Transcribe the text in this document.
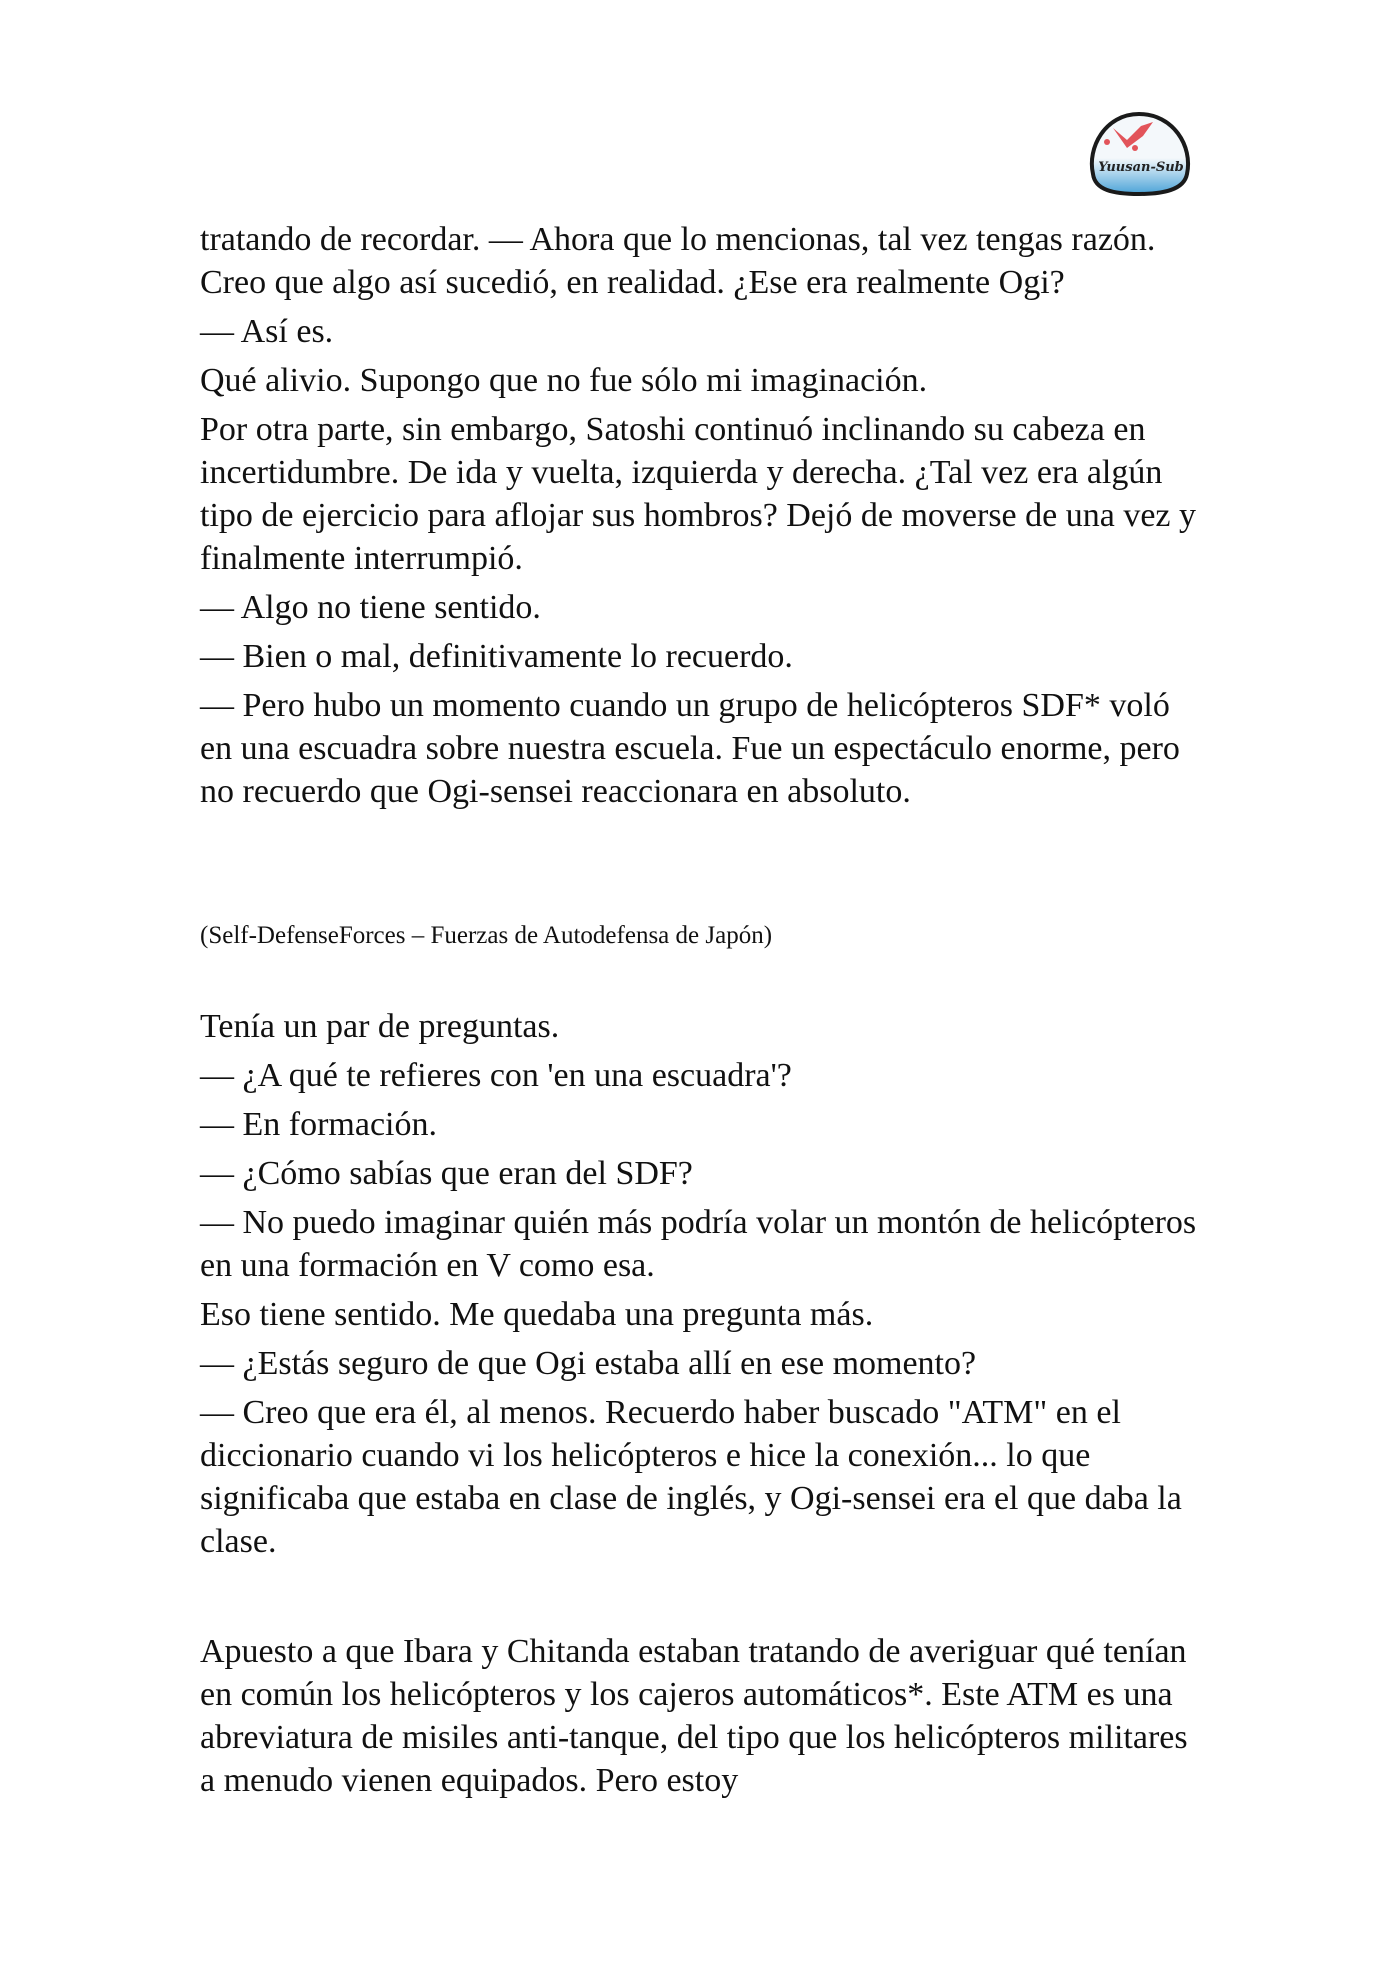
Yuusan-Sub

tratando de recordar. — Ahora que lo mencionas, tal vez tengas razón. Creo que algo así sucedió, en realidad. ¿Ese era realmente Ogi?

— Así es.

Qué alivio. Supongo que no fue sólo mi imaginación.

Por otra parte, sin embargo, Satoshi continuó inclinando su cabeza en incertidumbre. De ida y vuelta, izquierda y derecha. ¿Tal vez era algún tipo de ejercicio para aflojar sus hombros? Dejó de moverse de una vez y finalmente interrumpió.

— Algo no tiene sentido.

— Bien o mal, definitivamente lo recuerdo.

— Pero hubo un momento cuando un grupo de helicópteros SDF* voló en una escuadra sobre nuestra escuela. Fue un espectáculo enorme, pero no recuerdo que Ogi-sensei reaccionara en absoluto.

(Self-DefenseForces – Fuerzas de Autodefensa de Japón)

Tenía un par de preguntas.

— ¿A qué te refieres con 'en una escuadra'?

— En formación.

— ¿Cómo sabías que eran del SDF?

— No puedo imaginar quién más podría volar un montón de helicópteros en una formación en V como esa.

Eso tiene sentido. Me quedaba una pregunta más.

— ¿Estás seguro de que Ogi estaba allí en ese momento?

— Creo que era él, al menos. Recuerdo haber buscado "ATM" en el diccionario cuando vi los helicópteros e hice la conexión... lo que significaba que estaba en clase de inglés, y Ogi-sensei era el que daba la clase.

Apuesto a que Ibara y Chitanda estaban tratando de averiguar qué tenían en común los helicópteros y los cajeros automáticos*. Este ATM es una abreviatura de misiles anti-tanque, del tipo que los helicópteros militares a menudo vienen equipados. Pero estoy
